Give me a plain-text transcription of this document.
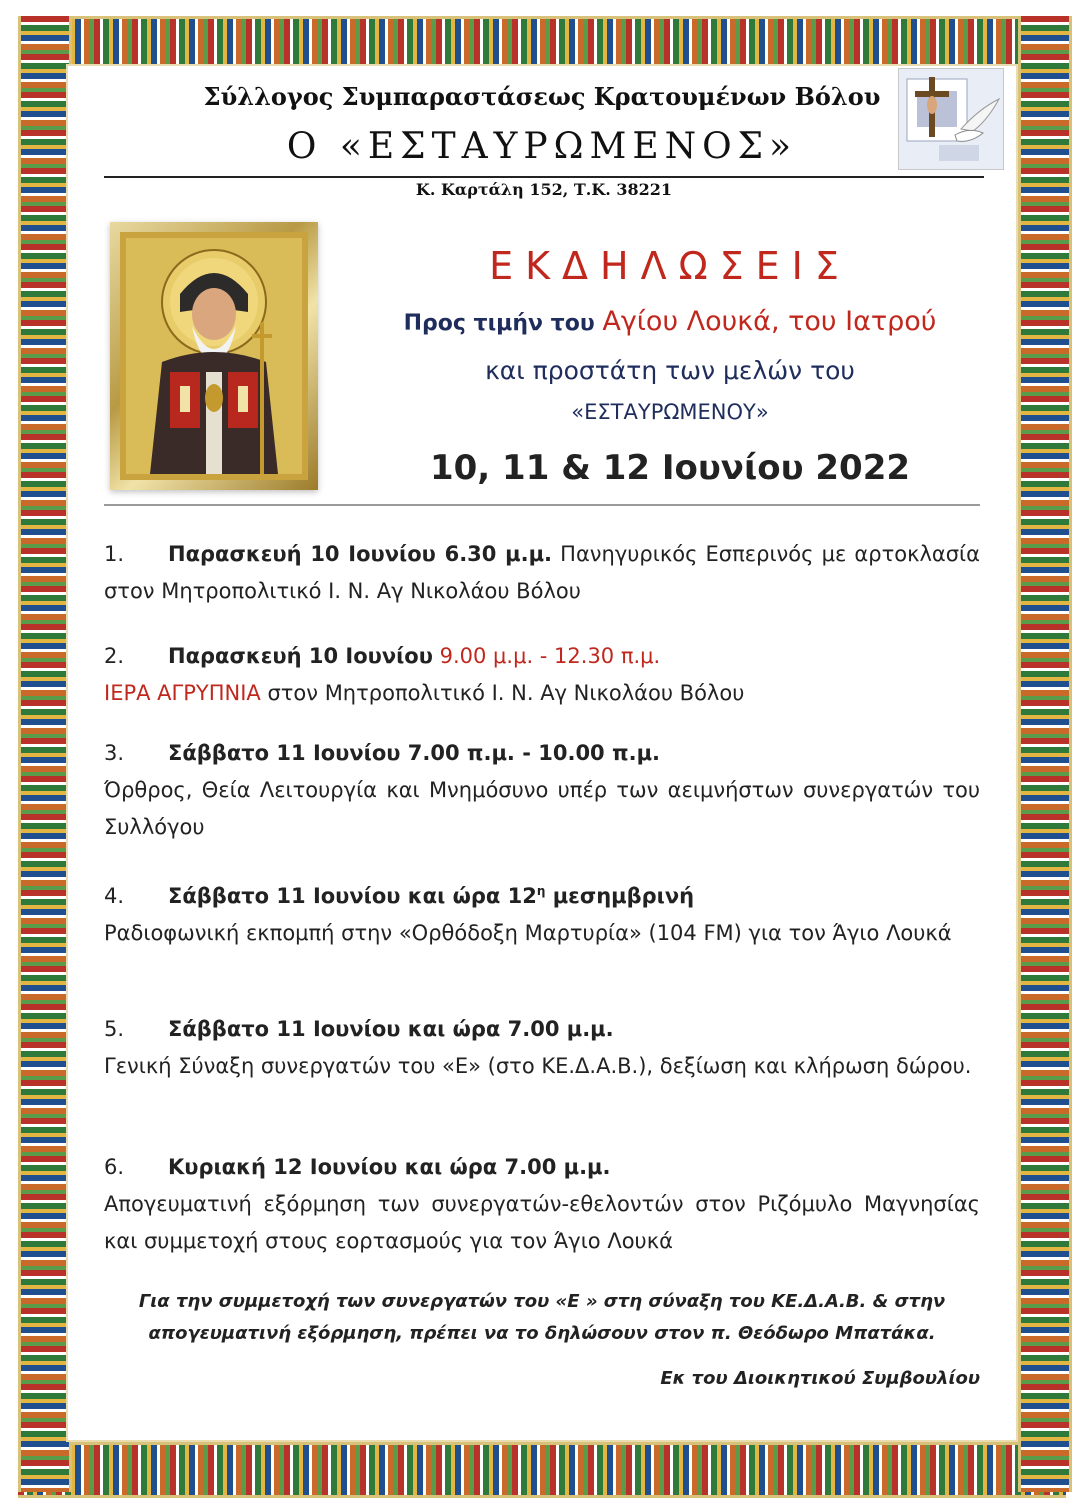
Σύλλογος Συμπαραστάσεως Κρατουμένων Βόλου
Ο «ΕΣΤΑΥΡΩΜΕΝΟΣ»
Κ. Καρτάλη 152, Τ.Κ. 38221
ΕΚΔΗΛΩΣΕΙΣ
Προς τιμήν του Αγίου Λουκά, του Ιατρού
και προστάτη των μελών του
«ΕΣΤΑΥΡΩΜΕΝΟΥ»
10, 11 & 12 Ιουνίου 2022
1. Παρασκευή 10 Ιουνίου 6.30 μ.μ. Πανηγυρικός Εσπερινός με αρτοκλασία στον Μητροπολιτικό Ι. Ν. Αγ Νικολάου Βόλου
2. Παρασκευή 10 Ιουνίου 9.00 μ.μ. - 12.30 π.μ.
ΙΕΡΑ ΑΓΡΥΠΝΙΑ στον Μητροπολιτικό Ι. Ν. Αγ Νικολάου Βόλου
3. Σάββατο 11 Ιουνίου 7.00 π.μ. - 10.00 π.μ.
Όρθρος, Θεία Λειτουργία και Μνημόσυνο υπέρ των αειμνήστων συνεργατών του Συλλόγου
4. Σάββατο 11 Ιουνίου και ώρα $12^\eta$ μεσημβρινή
Ραδιοφωνική εκπομπή στην «Ορθόδοξη Μαρτυρία» (104 FM) για τον Άγιο Λουκά
5. Σάββατο 11 Ιουνίου και ώρα 7.00 μ.μ.
Γενική Σύναξη συνεργατών του «Ε» (στο ΚΕ.Δ.Α.Β.), δεξίωση και κλήρωση δώρου.
6. Κυριακή 12 Ιουνίου και ώρα 7.00 μ.μ.
Απογευματινή εξόρμηση των συνεργατών-εθελοντών στον Ριζόμυλο Μαγνησίας και συμμετοχή στους εορτασμούς για τον Άγιο Λουκά
Για την συμμετοχή των συνεργατών του «Ε » στη σύναξη του ΚΕ.Δ.Α.Β. & στην απογευματινή εξόρμηση, πρέπει να το δηλώσουν στον π. Θεόδωρο Μπατάκα.
Εκ του Διοικητικού Συμβουλίου
